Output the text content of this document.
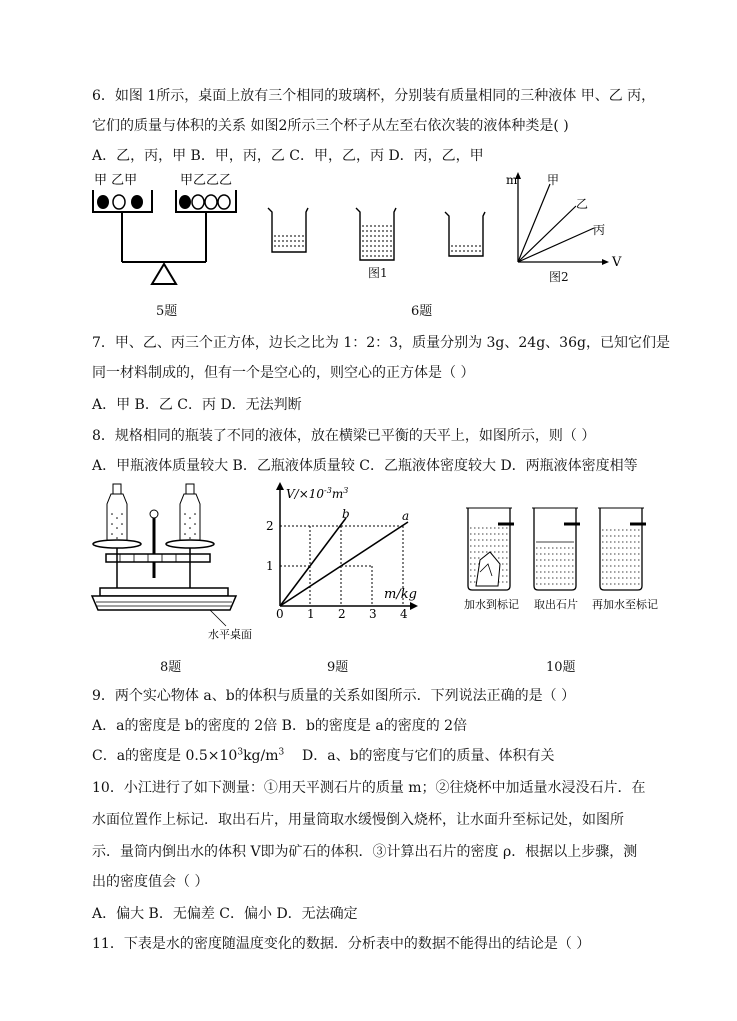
6．如图 1所示，桌面上放有三个相同的玻璃杯，分别装有质量相同的三种液体 甲、乙 丙，
它们的质量与体积的关系 如图2所示三个杯子从左至右依次装的液体种类是( )
A．乙，丙，甲 B．甲，丙，乙 C．甲，乙，丙 D．丙，乙，甲
甲 乙甲	甲乙乙乙
图1
m
V
甲
乙
丙
图2
5题	6题
7．甲、乙、丙三个正方体，边长之比为 1：2：3，质量分别为 3g、24g、36g，已知它们是
同一材料制成的，但有一个是空心的，则空心的正方体是（ ）
A．甲 B．乙 C．丙 D．无法判断
8．规格相同的瓶装了不同的液体，放在横梁已平衡的天平上，如图所示，则（ ）
A．甲瓶液体质量较大 B．乙瓶液体质量较 C．乙瓶液体密度较大 D．两瓶液体密度相等
水平桌面
$V/\times 10^{-3}m^3$
m/kg
b	a
0 1 2 3 4
1
2
加水到标记 取出石片 再加水至标记
8题	9题	10题
9．两个实心物体 a、b的体积与质量的关系如图所示．下列说法正确的是（ ）
A．a的密度是 b的密度的 2倍 B．b的密度是 a的密度的 2倍
C．a的密度是 $0.5\times 10^3kg/m^3$ D．a、b的密度与它们的质量、体积有关
10．小江进行了如下测量：①用天平测石片的质量 m；②往烧杯中加适量水浸没石片．在
水面位置作上标记．取出石片，用量筒取水缓慢倒入烧杯，让水面升至标记处，如图所
示．量筒内倒出水的体积 V即为矿石的体积．③计算出石片的密度 ρ．根据以上步骤，测
出的密度值会（ ）
A．偏大 B．无偏差 C．偏小 D．无法确定
11．下表是水的密度随温度变化的数据．分析表中的数据不能得出的结论是（ ）
